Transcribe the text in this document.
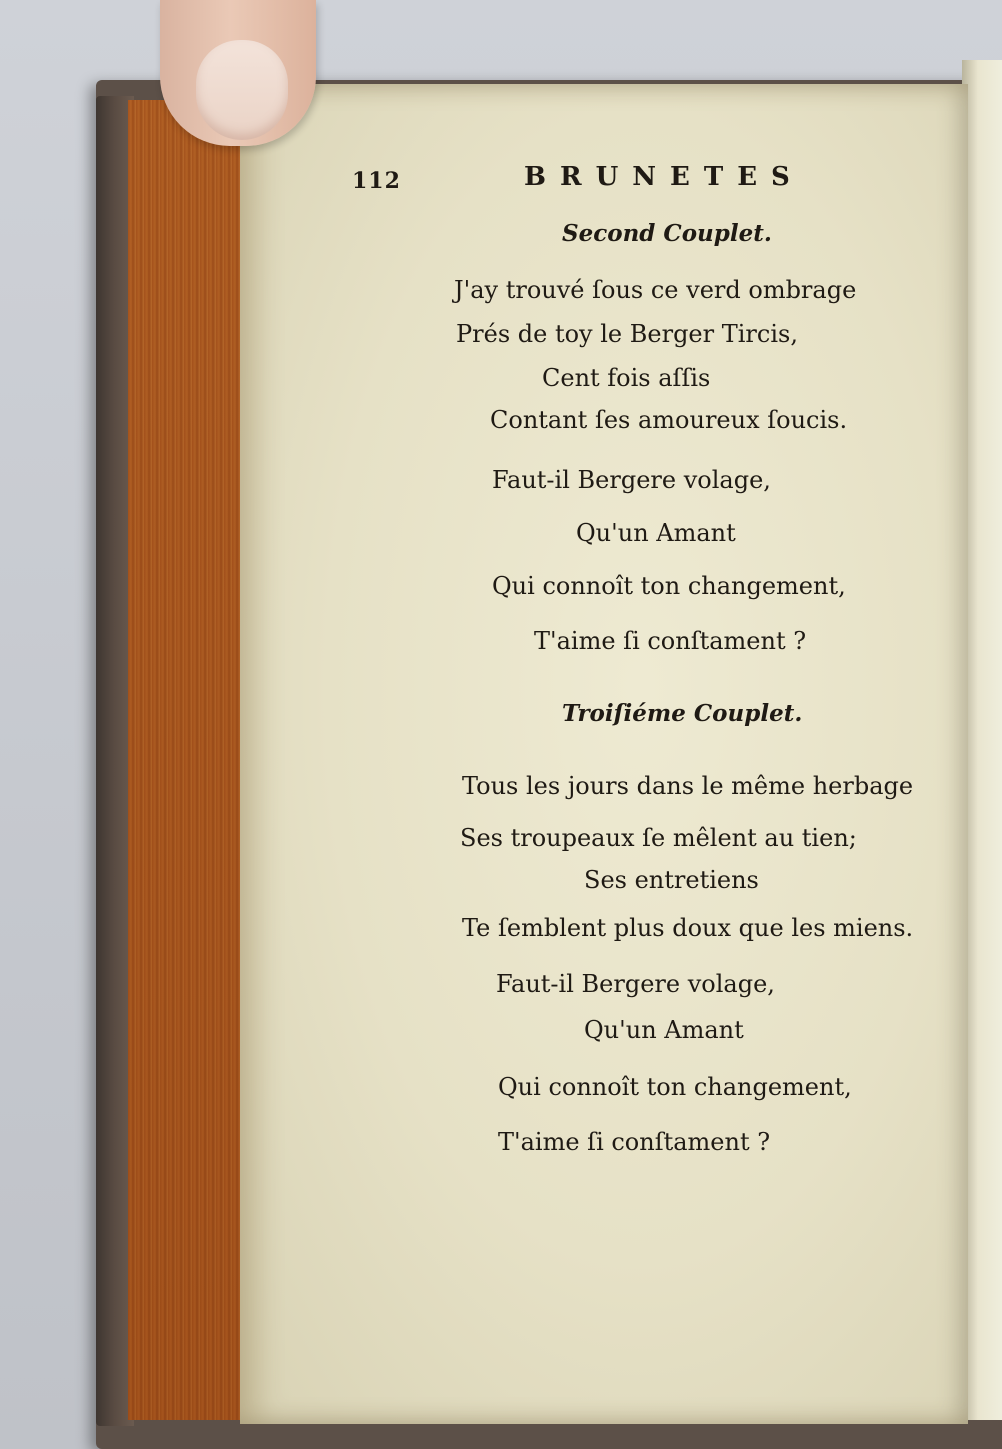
112	BRUNETES
Second Couplet.
J'ay trouvé ſous ce verd ombrage
Prés de toy le Berger Tircis,
Cent fois aſſis
Contant ſes amoureux ſoucis.
Faut-il Bergere volage,
Qu'un Amant
Qui connoît ton changement,
T'aime ſi conſtament ?
Troiſiéme Couplet.
Tous les jours dans le même herbage
Ses troupeaux ſe mêlent au tien;
Ses entretiens
Te ſemblent plus doux que les miens.
Faut-il Bergere volage,
Qu'un Amant
Qui connoît ton changement,
T'aime ſi conſtament ?
